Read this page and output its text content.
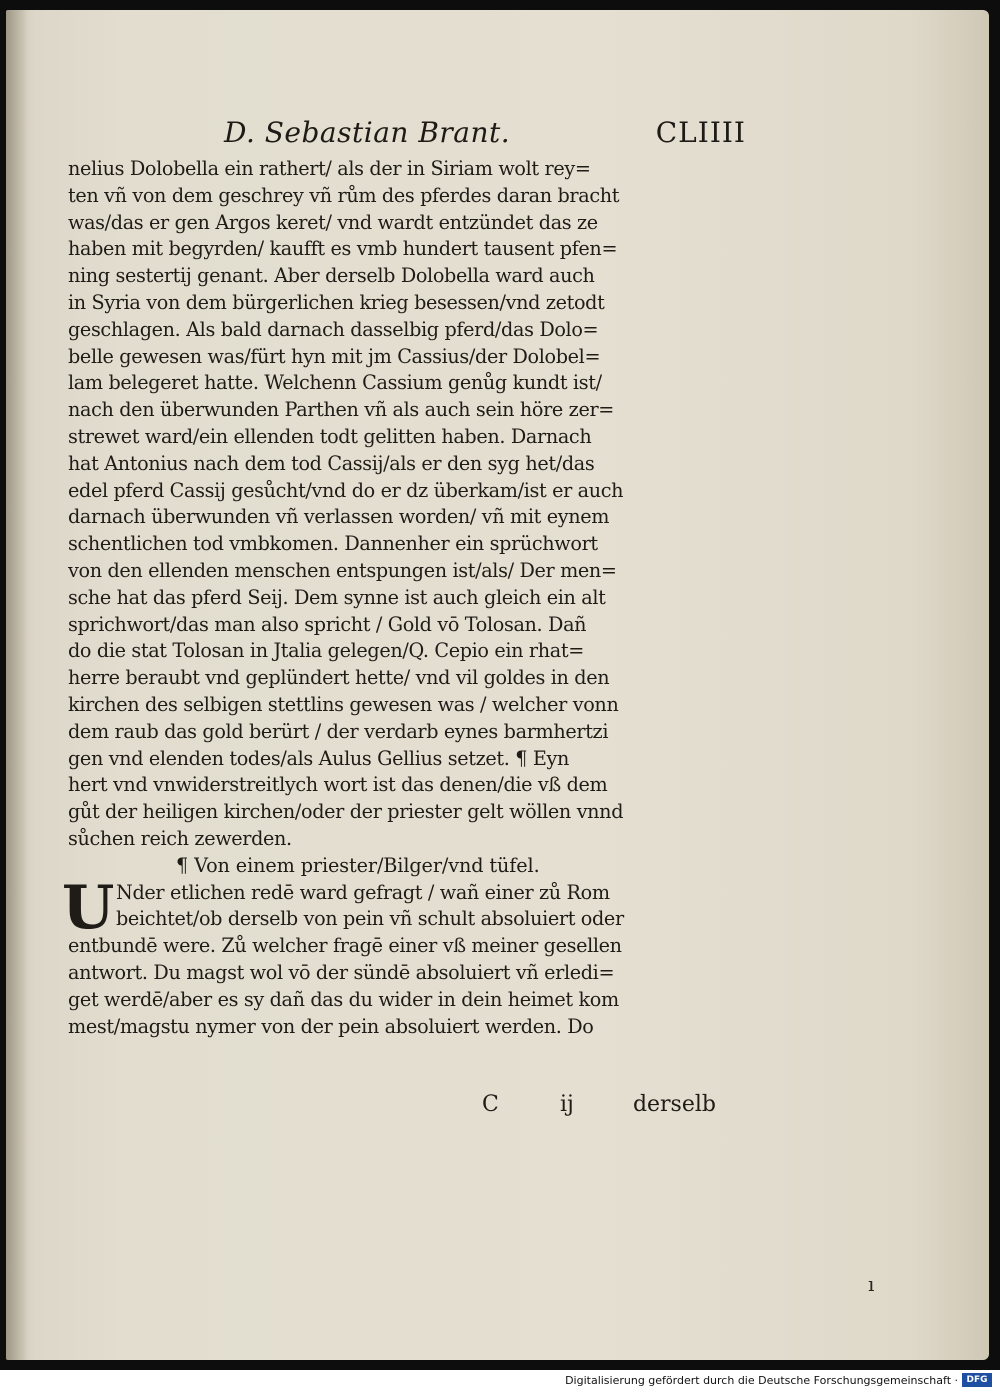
D. Sebastian Brant.	CLIIII
nelius Dolobella ein rathert/ als der in Siriam wolt rey=
ten vñ von dem geschrey vñ rům des pferdes daran bracht
was/das er gen Argos keret/ vnd wardt entzündet das ze
haben mit begyrden/ kaufft es vmb hundert tausent pfen=
ning sestertij genant. Aber derselb Dolobella ward auch
in Syria von dem bürgerlichen krieg besessen/vnd zetodt
geschlagen. Als bald darnach dasselbig pferd/das Dolo=
belle gewesen was/fürt hyn mit jm Cassius/der Dolobel=
lam belegeret hatte. Welchenn Cassium genůg kundt ist/
nach den überwunden Parthen vñ als auch sein höre zer=
strewet ward/ein ellenden todt gelitten haben. Darnach
hat Antonius nach dem tod Cassij/als er den syg het/das
edel pferd Cassij gesůcht/vnd do er dz überkam/ist er auch
darnach überwunden vñ verlassen worden/ vñ mit eynem
schentlichen tod vmbkomen. Dannenher ein sprüchwort
von den ellenden menschen entspungen ist/als/ Der men=
sche hat das pferd Seij. Dem synne ist auch gleich ein alt
sprichwort/das man also spricht / Gold vō Tolosan. Dañ
do die stat Tolosan in Jtalia gelegen/Q. Cepio ein rhat=
herre beraubt vnd geplündert hette/ vnd vil goldes in den
kirchen des selbigen stettlins gewesen was / welcher vonn
dem raub das gold berürt / der verdarb eynes barmhertzi
gen vnd elenden todes/als Aulus Gellius setzet. ¶ Eyn
hert vnd vnwiderstreitlych wort ist das denen/die vß dem
gůt der heiligen kirchen/oder der priester gelt wöllen vnnd
sůchen reich zewerden.
¶ Von einem priester/Bilger/vnd tüfel.
U Nder etlichen redē ward gefragt / wañ einer zů Rom
beichtet/ob derselb von pein vñ schult absoluiert oder
entbundē were. Zů welcher fragē einer vß meiner gesellen
antwort. Du magst wol vō der sündē absoluiert vñ erledi=
get werdē/aber es sy dañ das du wider in dein heimet kom
mest/magstu nymer von der pein absoluiert werden. Do
C	ij	derselb
ı
Digitalisierung gefördert durch die Deutsche Forschungsgemeinschaft · DFG
